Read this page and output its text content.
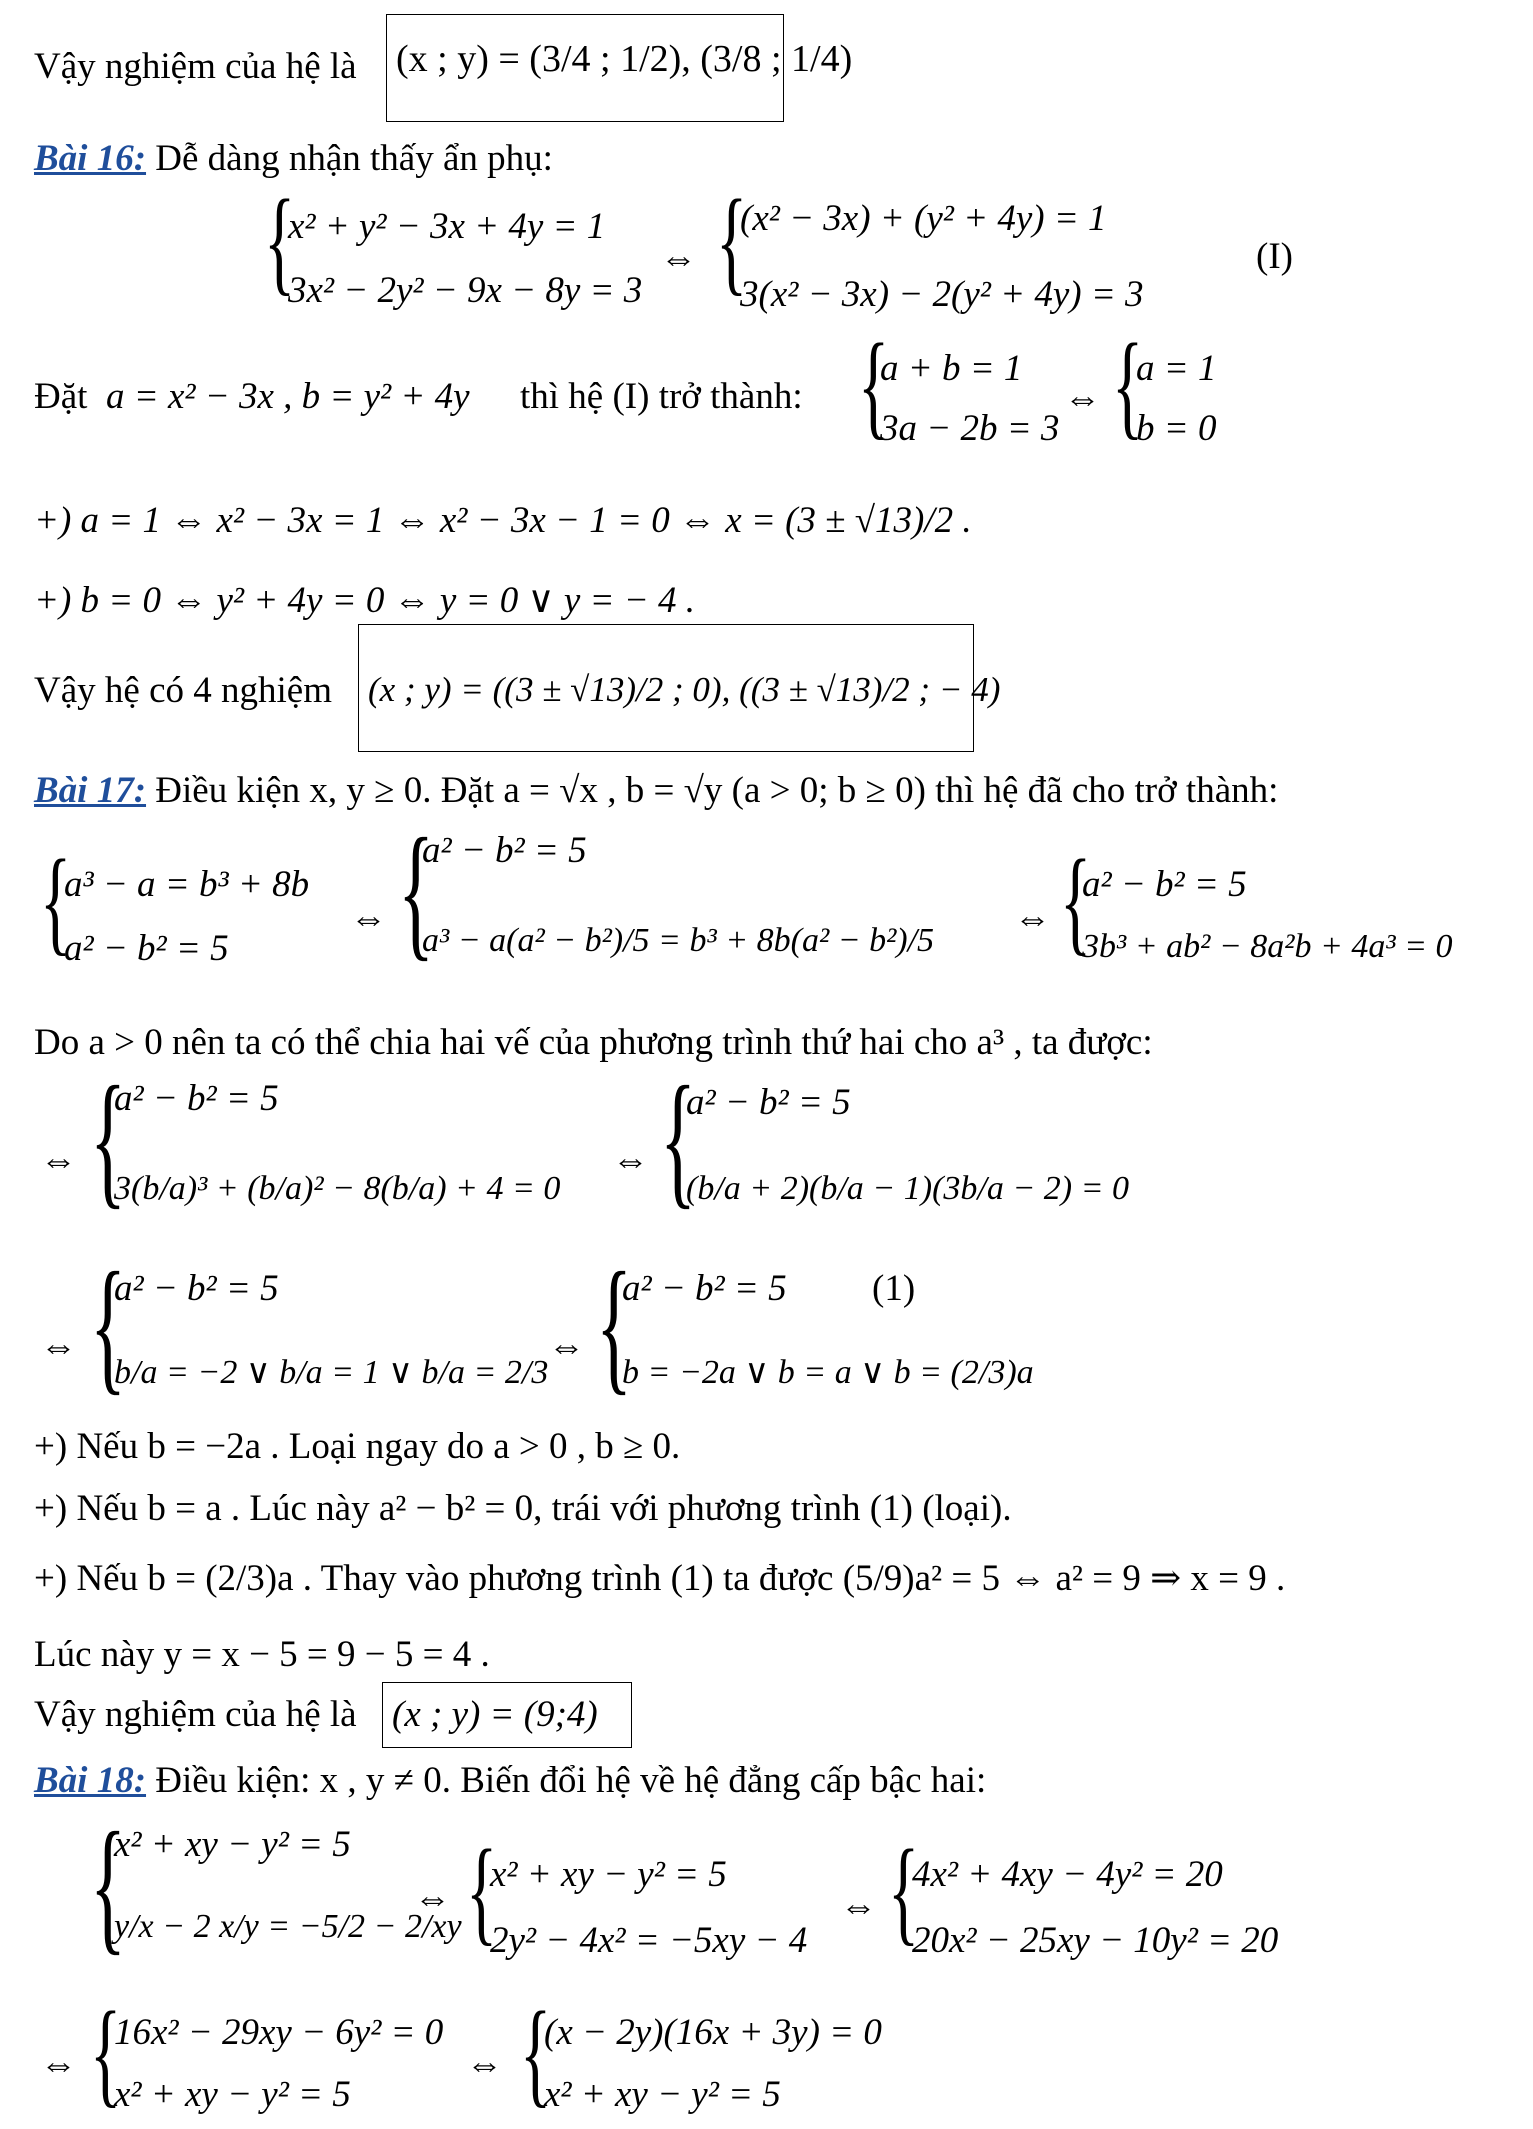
Vậy nghiệm của hệ là (x ; y) = (3/4 ; 1/2), (3/8 ; 1/4)
Bài 16: Dễ dàng nhận thấy ẩn phụ:
{
x² + y² − 3x + 4y = 1
3x² − 2y² − 9x − 8y = 3
⇔ {
(x² − 3x) + (y² + 4y) = 1
3(x² − 3x) − 2(y² + 4y) = 3
(I)
Đặt a = x² − 3x , b = y² + 4y thì hệ (I) trở thành: {
a + b = 1
3a − 2b = 3
⇔ {
a = 1
b = 0
+) a = 1 ⇔ x² − 3x = 1 ⇔ x² − 3x − 1 = 0 ⇔ x = (3 ± √13)/2 .
+) b = 0 ⇔ y² + 4y = 0 ⇔ y = 0 ∨ y = − 4 .
Vậy hệ có 4 nghiệm (x ; y) = ((3 ± √13)/2 ; 0), ((3 ± √13)/2 ; − 4)
Bài 17: Điều kiện x, y ≥ 0. Đặt a = √x , b = √y (a > 0; b ≥ 0) thì hệ đã cho trở thành:
{
a³ − a = b³ + 8b
a² − b² = 5
⇔ {
a² − b² = 5
a³ − a(a² − b²)/5 = b³ + 8b(a² − b²)/5
⇔ {
a² − b² = 5
3b³ + ab² − 8a²b + 4a³ = 0
Do a > 0 nên ta có thể chia hai vế của phương trình thứ hai cho a³ , ta được:
⇔ {
a² − b² = 5
3(b/a)³ + (b/a)² − 8(b/a) + 4 = 0
⇔ {
a² − b² = 5
(b/a + 2)(b/a − 1)(3b/a − 2) = 0
⇔ {
a² − b² = 5
b/a = −2 ∨ b/a = 1 ∨ b/a = 2/3
⇔ {
a² − b² = 5 (1)
b = −2a ∨ b = a ∨ b = (2/3)a
+) Nếu b = −2a . Loại ngay do a > 0 , b ≥ 0.
+) Nếu b = a . Lúc này a² − b² = 0, trái với phương trình (1) (loại).
+) Nếu b = (2/3)a . Thay vào phương trình (1) ta được (5/9)a² = 5 ⇔ a² = 9 ⇒ x = 9 .
Lúc này y = x − 5 = 9 − 5 = 4 .
Vậy nghiệm của hệ là (x ; y) = (9;4)
Bài 18: Điều kiện: x , y ≠ 0. Biến đổi hệ về hệ đẳng cấp bậc hai:
{
x² + xy − y² = 5
y/x − 2 x/y = −5/2 − 2/xy
⇔ {
x² + xy − y² = 5
2y² − 4x² = −5xy − 4
⇔ {
4x² + 4xy − 4y² = 20
20x² − 25xy − 10y² = 20
⇔ {
16x² − 29xy − 6y² = 0
x² + xy − y² = 5
⇔ {
(x − 2y)(16x + 3y) = 0
x² + xy − y² = 5
